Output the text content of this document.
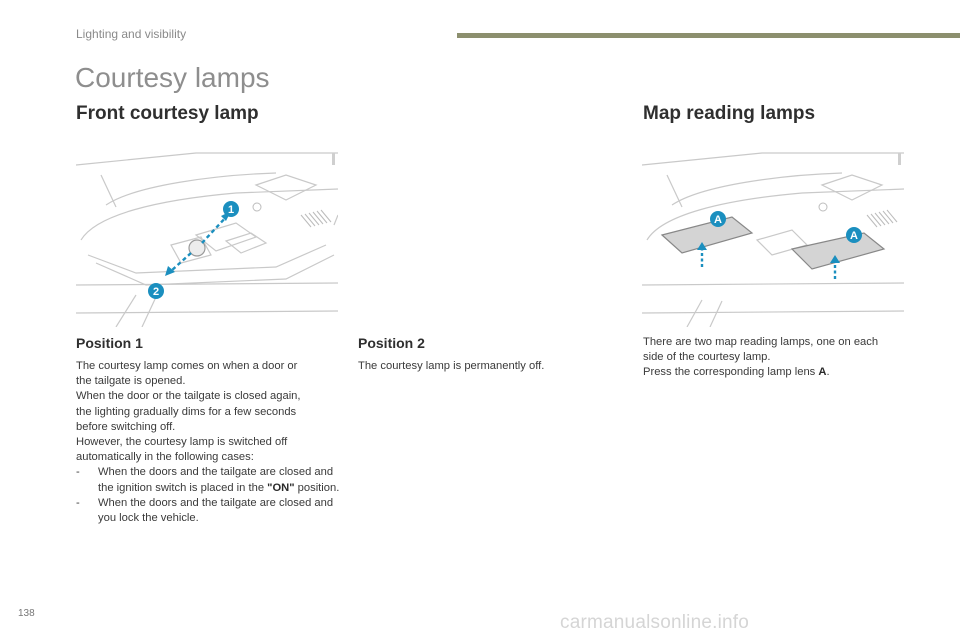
Lighting and visibility
Courtesy lamps
Front courtesy lamp	Map reading lamps
1
2
A
A
Position 1
The courtesy lamp comes on when a door or
the tailgate is opened.
When the door or the tailgate is closed again,
the lighting gradually dims for a few seconds
before switching off.
However, the courtesy lamp is switched off
automatically in the following cases:
- When the doors and the tailgate are closed and the ignition switch is placed in the "ON" position.
- When the doors and the tailgate are closed and you lock the vehicle.
Position 2
The courtesy lamp is permanently off.
There are two map reading lamps, one on each
side of the courtesy lamp.
Press the corresponding lamp lens A.
138	carmanualsonline.info
